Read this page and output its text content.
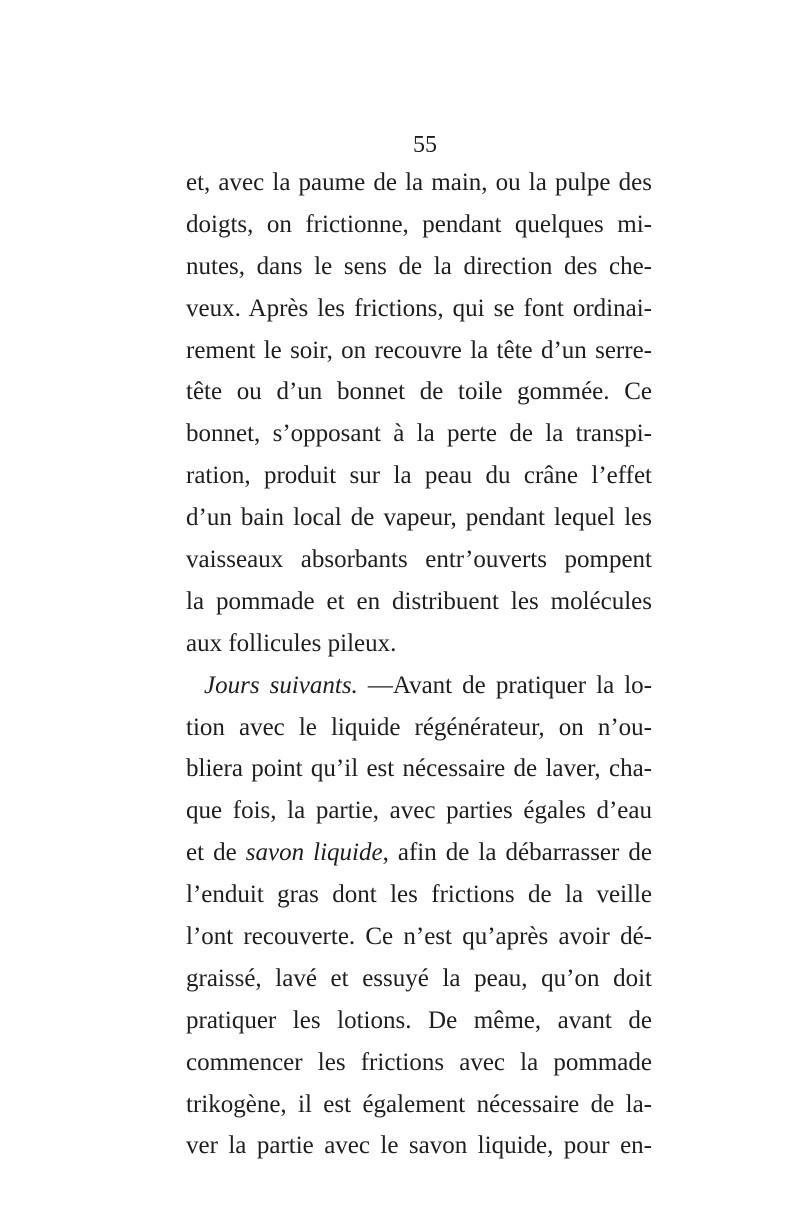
55
et, avec la paume de la main, ou la pulpe des
doigts, on frictionne, pendant quelques mi-
nutes, dans le sens de la direction des che-
veux. Après les frictions, qui se font ordinai-
rement le soir, on recouvre la tête d’un serre-
tête ou d’un bonnet de toile gommée. Ce
bonnet, s’opposant à la perte de la transpi-
ration, produit sur la peau du crâne l’effet
d’un bain local de vapeur, pendant lequel les
vaisseaux absorbants entr’ouverts pompent
la pommade et en distribuent les molécules
aux follicules pileux.
Jours suivants. —Avant de pratiquer la lo-
tion avec le liquide régénérateur, on n’ou-
bliera point qu’il est nécessaire de laver, cha-
que fois, la partie, avec parties égales d’eau
et de savon liquide, afin de la débarrasser de
l’enduit gras dont les frictions de la veille
l’ont recouverte. Ce n’est qu’après avoir dé-
graissé, lavé et essuyé la peau, qu’on doit
pratiquer les lotions. De même, avant de
commencer les frictions avec la pommade
trikogène, il est également nécessaire de la-
ver la partie avec le savon liquide, pour en-
